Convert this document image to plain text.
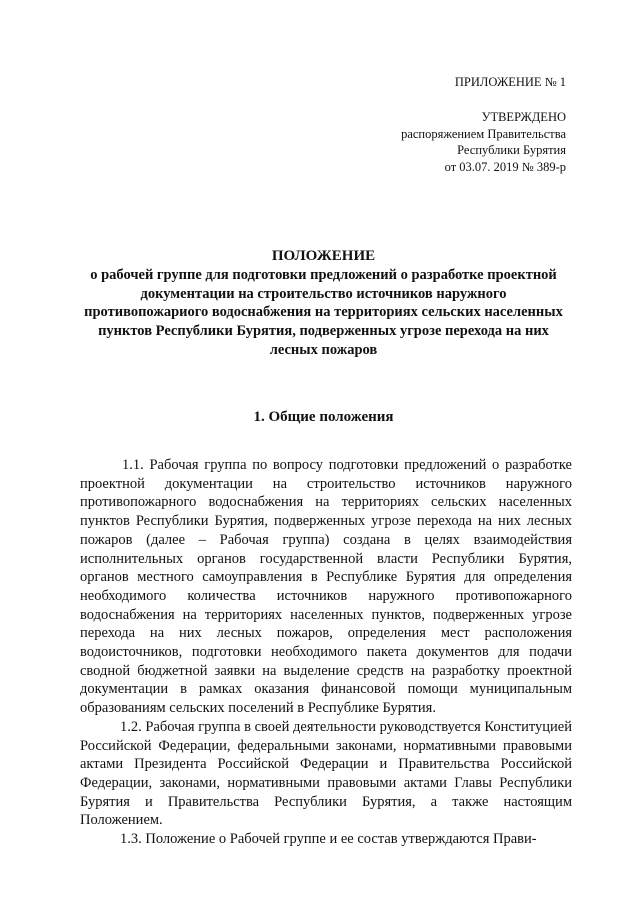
ПРИЛОЖЕНИЕ № 1
УТВЕРЖДЕНО
распоряжением Правительства
Республики Бурятия
от 03.07. 2019 № 389-р
ПОЛОЖЕНИЕ
о рабочей группе для подготовки предложений о разработке проектной документации на строительство источников наружного противопожариого водоснабжения на территориях сельских населенных пунктов Республики Бурятия, подверженных угрозе перехода на них лесных пожаров
1. Общие положения

1.1. Рабочая группа по вопросу подготовки предложений о разработке проектной документации на строительство источников наружного противопожарного водоснабжения на территориях сельских населенных пунктов Республики Бурятия, подверженных угрозе перехода на них лесных пожаров (далее – Рабочая группа) создана в целях взаимодействия исполнительных органов государственной власти Республики Бурятия, органов местного самоуправления в Республике Бурятия для определения необходимого количества источников наружного противопожарного водоснабжения на территориях населенных пунктов, подверженных угрозе перехода на них лесных пожаров, определения мест расположения водоисточников, подготовки необходимого пакета документов для подачи сводной бюджетной заявки на выделение средств на разработку проектной документации в рамках оказания финансовой помощи муниципальным образованиям сельских поселений в Республике Бурятия.

1.2. Рабочая группа в своей деятельности руководствуется Конституцией Российской Федерации, федеральными законами, нормативными правовыми актами Президента Российской Федерации и Правительства Российской Федерации, законами, нормативными правовыми актами Главы Республики Бурятия и Правительства Республики Бурятия, а также настоящим Положением.

1.3. Положение о Рабочей группе и ее состав утверждаются Прави-
